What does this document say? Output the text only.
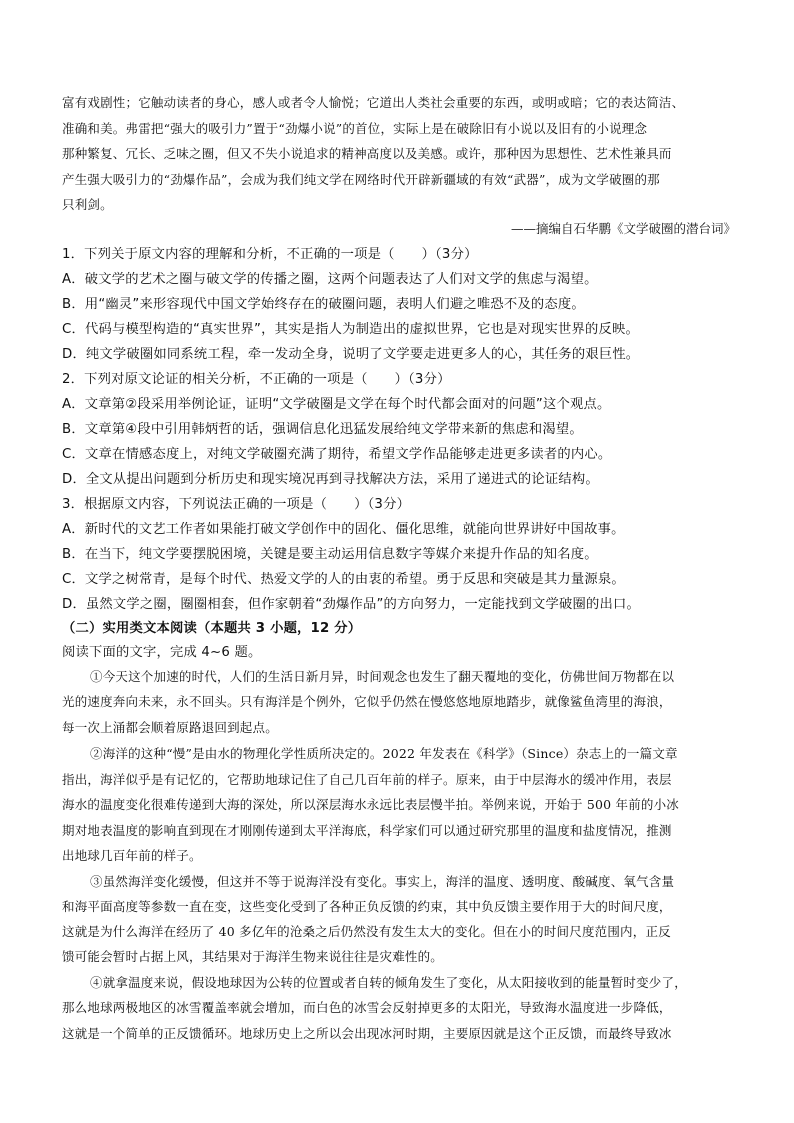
富有戏剧性；它触动读者的身心，感人或者令人愉悦；它道出人类社会重要的东西，或明或暗；它的表达简洁、
准确和美。弗雷把“强大的吸引力”置于“劲爆小说”的首位，实际上是在破除旧有小说以及旧有的小说理念
那种繁复、冗长、乏味之圈，但又不失小说追求的精神高度以及美感。或许，那种因为思想性、艺术性兼具而
产生强大吸引力的“劲爆作品”，会成为我们纯文学在网络时代开辟新疆域的有效“武器”，成为文学破圈的那
只利剑。
——摘编自石华鹏《文学破圈的潜台词》
1．下列关于原文内容的理解和分析，不正确的一项是（　　）（3分）
A．破文学的艺术之圈与破文学的传播之圈，这两个问题表达了人们对文学的焦虑与渴望。
B．用“幽灵”来形容现代中国文学始终存在的破圈问题，表明人们避之唯恐不及的态度。
C．代码与模型构造的“真实世界”，其实是指人为制造出的虚拟世界，它也是对现实世界的反映。
D．纯文学破圈如同系统工程，牵一发动全身，说明了文学要走进更多人的心，其任务的艰巨性。
2．下列对原文论证的相关分析，不正确的一项是（　　）（3分）
A．文章第②段采用举例论证，证明“文学破圈是文学在每个时代都会面对的问题”这个观点。
B．文章第④段中引用韩炳哲的话，强调信息化迅猛发展给纯文学带来新的焦虑和渴望。
C．文章在情感态度上，对纯文学破圈充满了期待，希望文学作品能够走进更多读者的内心。
D．全文从提出问题到分析历史和现实境况再到寻找解决方法，采用了递进式的论证结构。
3．根据原文内容，下列说法正确的一项是（　　）（3分）
A．新时代的文艺工作者如果能打破文学创作中的固化、僵化思维，就能向世界讲好中国故事。
B．在当下，纯文学要摆脱困境，关键是要主动运用信息数字等媒介来提升作品的知名度。
C．文学之树常青，是每个时代、热爱文学的人的由衷的希望。勇于反思和突破是其力量源泉。
D．虽然文学之圈，圈圈相套，但作家朝着“劲爆作品”的方向努力，一定能找到文学破圈的出口。
（二）实用类文本阅读（本题共 3 小题，12 分）
阅读下面的文字，完成 4~6 题。
①今天这个加速的时代，人们的生活日新月异，时间观念也发生了翻天覆地的变化，仿佛世间万物都在以
光的速度奔向未来，永不回头。只有海洋是个例外，它似乎仍然在慢悠悠地原地踏步，就像鲨鱼湾里的海浪，
每一次上涌都会顺着原路退回到起点。
②海洋的这种“慢”是由水的物理化学性质所决定的。2022 年发表在《科学》（Since）杂志上的一篇文章
指出，海洋似乎是有记忆的，它帮助地球记住了自己几百年前的样子。原来，由于中层海水的缓冲作用，表层
海水的温度变化很难传递到大海的深处，所以深层海水永远比表层慢半拍。举例来说，开始于 500 年前的小冰
期对地表温度的影响直到现在才刚刚传递到太平洋海底，科学家们可以通过研究那里的温度和盐度情况，推测
出地球几百年前的样子。
③虽然海洋变化缓慢，但这并不等于说海洋没有变化。事实上，海洋的温度、透明度、酸碱度、氧气含量
和海平面高度等参数一直在变，这些变化受到了各种正负反馈的约束，其中负反馈主要作用于大的时间尺度，
这就是为什么海洋在经历了 40 多亿年的沧桑之后仍然没有发生太大的变化。但在小的时间尺度范围内，正反
馈可能会暂时占据上风，其结果对于海洋生物来说往往是灾难性的。
④就拿温度来说，假设地球因为公转的位置或者自转的倾角发生了变化，从太阳接收到的能量暂时变少了，
那么地球两极地区的冰雪覆盖率就会增加，而白色的冰雪会反射掉更多的太阳光，导致海水温度进一步降低，
这就是一个简单的正反馈循环。地球历史上之所以会出现冰河时期，主要原因就是这个正反馈，而最终导致冰
